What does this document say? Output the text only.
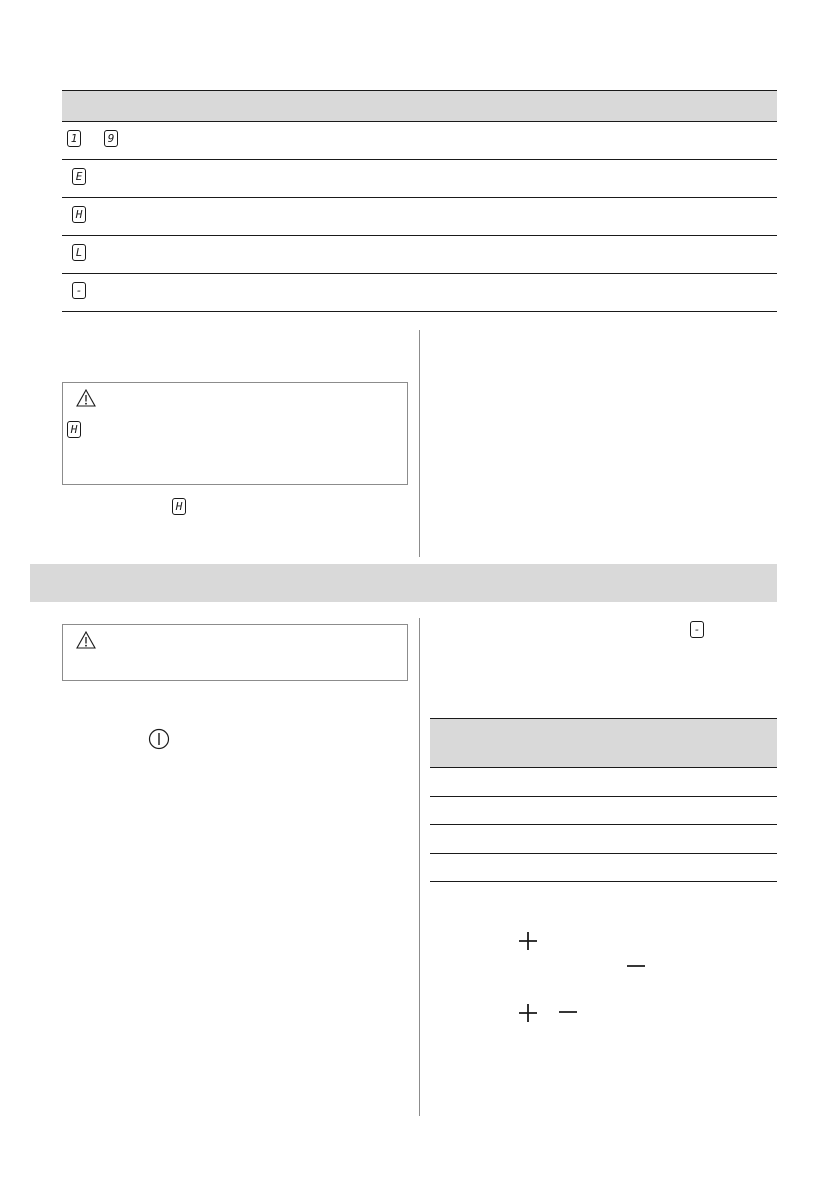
1	9
E
H
L
-
H
H
-
